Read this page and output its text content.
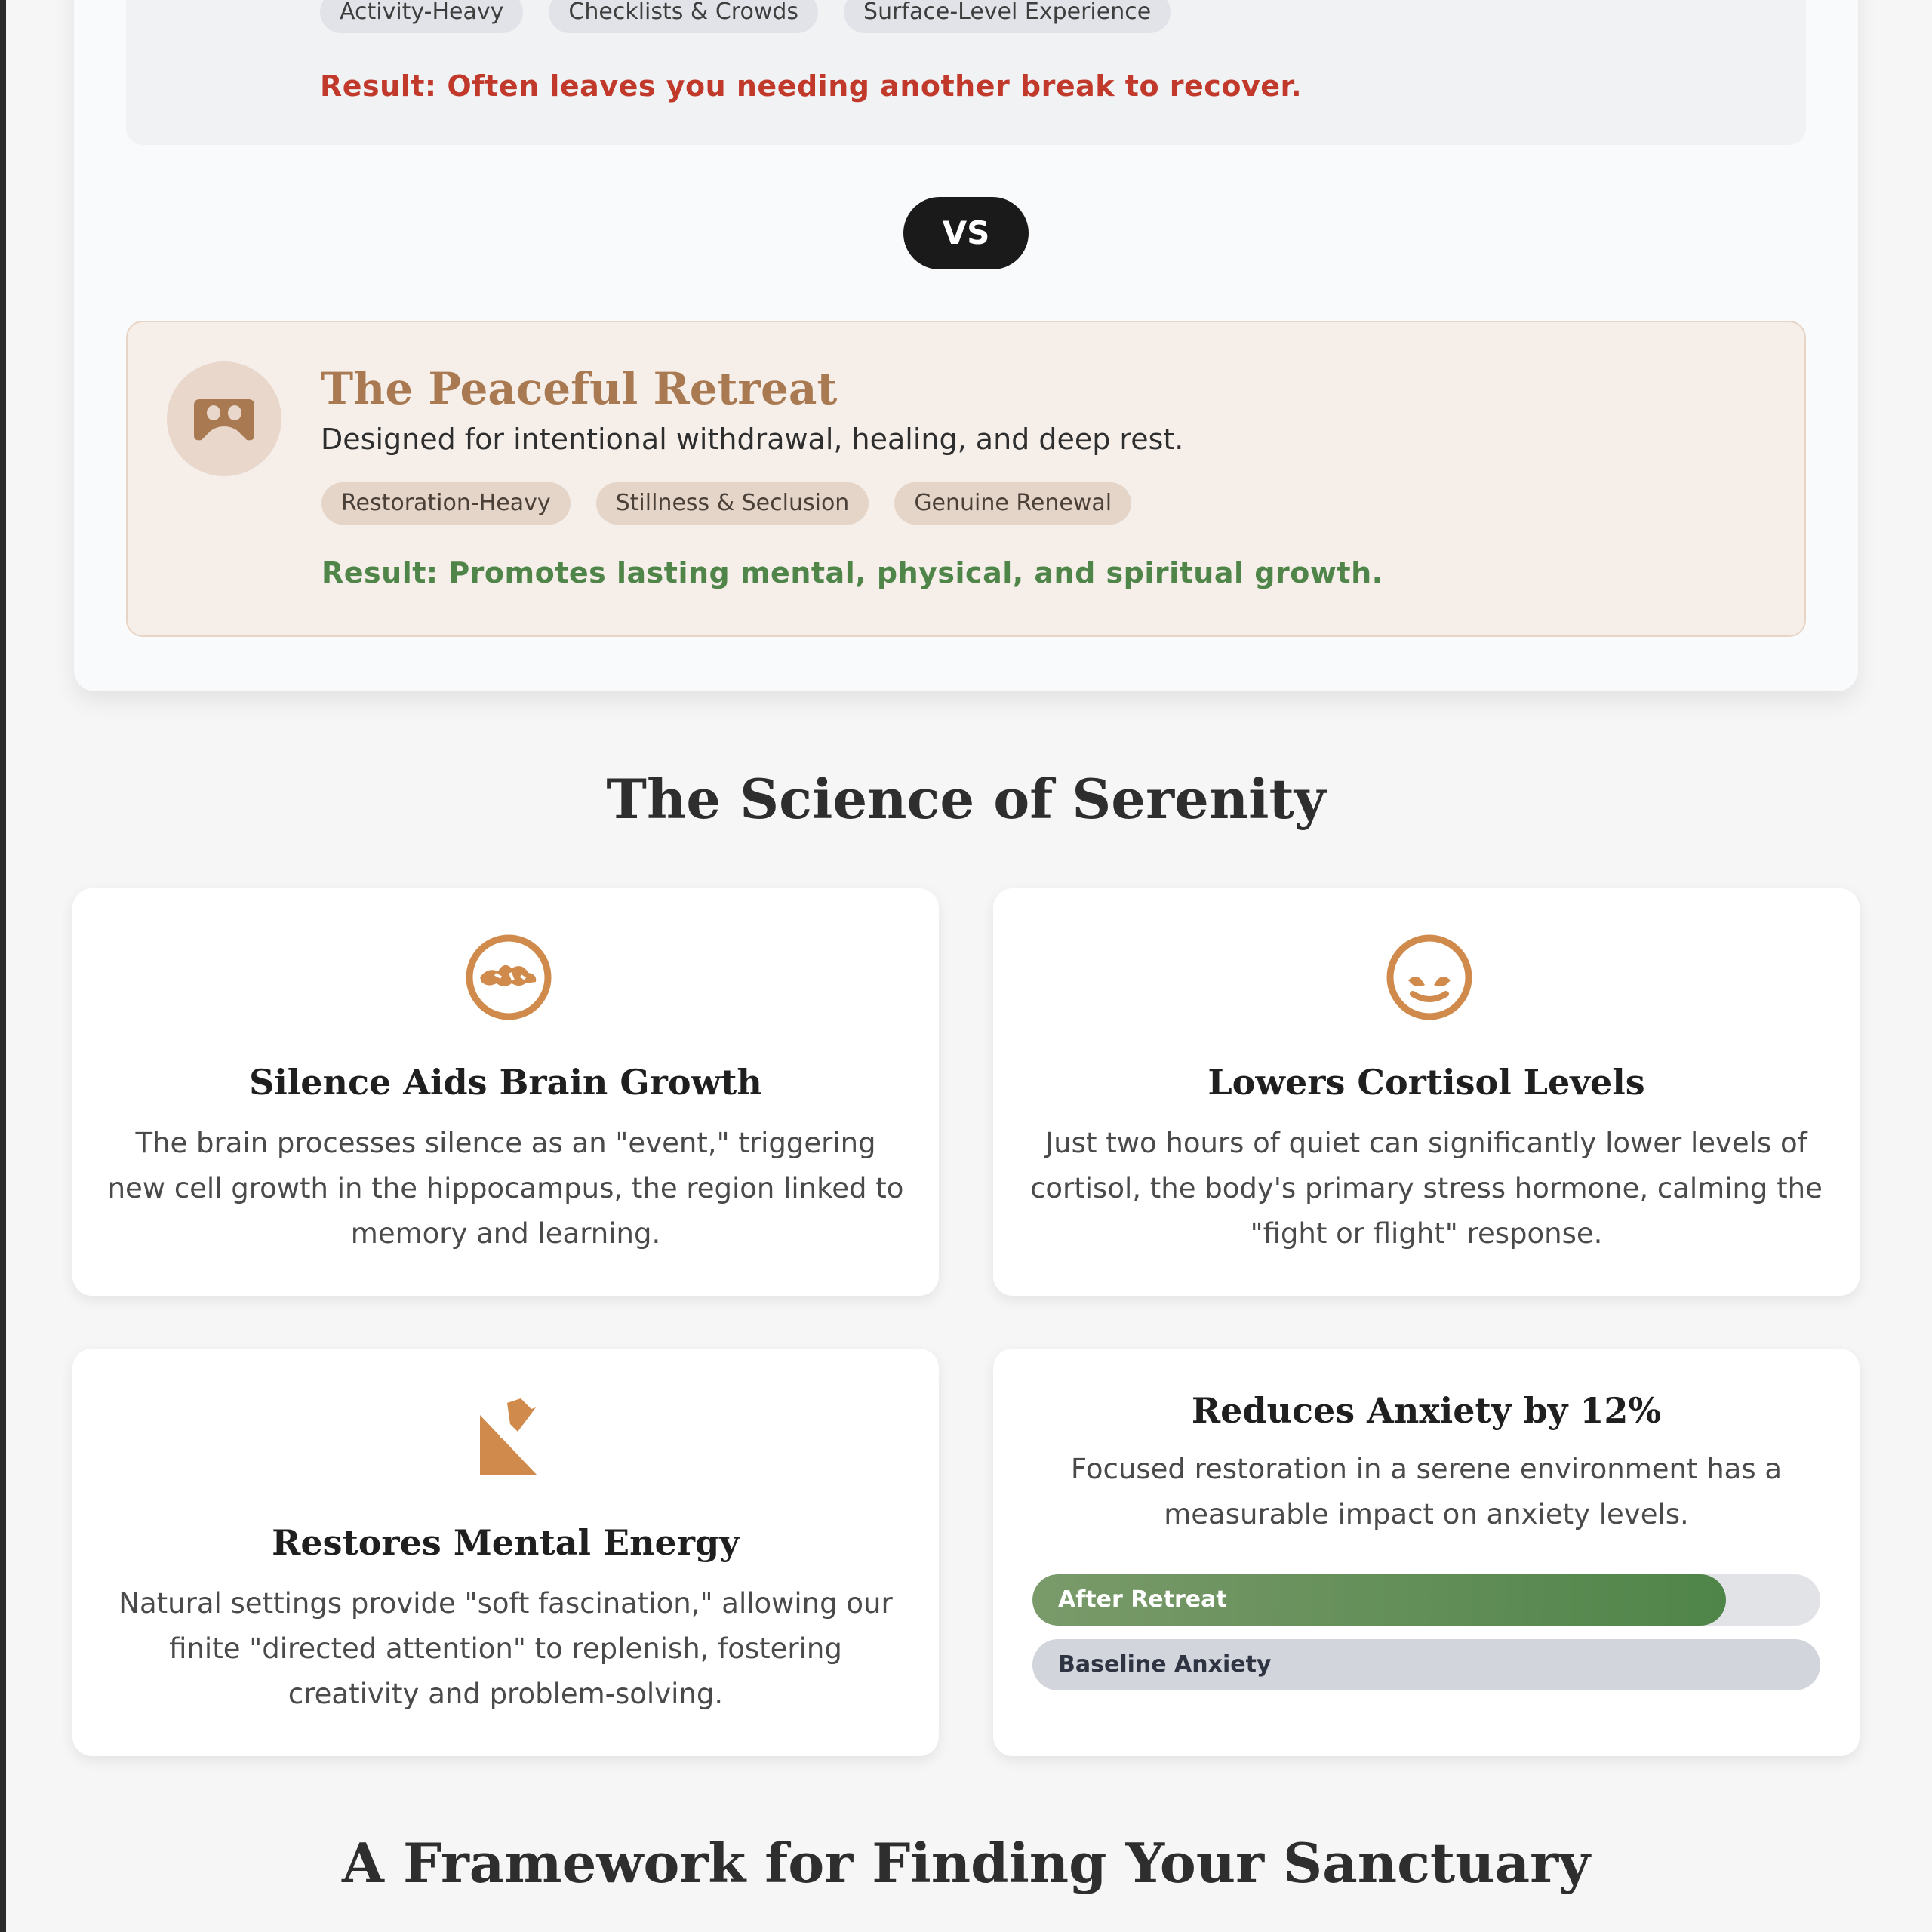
Activity-Heavy	Checklists & Crowds	Surface-Level Experience
Result: Often leaves you needing another break to recover.
VS
The Peaceful Retreat
Designed for intentional withdrawal, healing, and deep rest.
Restoration-Heavy	Stillness & Seclusion	Genuine Renewal
Result: Promotes lasting mental, physical, and spiritual growth.
The Science of Serenity
Silence Aids Brain Growth
The brain processes silence as an "event," triggering new cell growth in the hippocampus, the region linked to memory and learning.
Lowers Cortisol Levels
Just two hours of quiet can significantly lower levels of cortisol, the body's primary stress hormone, calming the "fight or flight" response.
Restores Mental Energy
Natural settings provide "soft fascination," allowing our finite "directed attention" to replenish, fostering creativity and problem-solving.
Reduces Anxiety by 12%
Focused restoration in a serene environment has a measurable impact on anxiety levels.
After Retreat
Baseline Anxiety
A Framework for Finding Your Sanctuary
